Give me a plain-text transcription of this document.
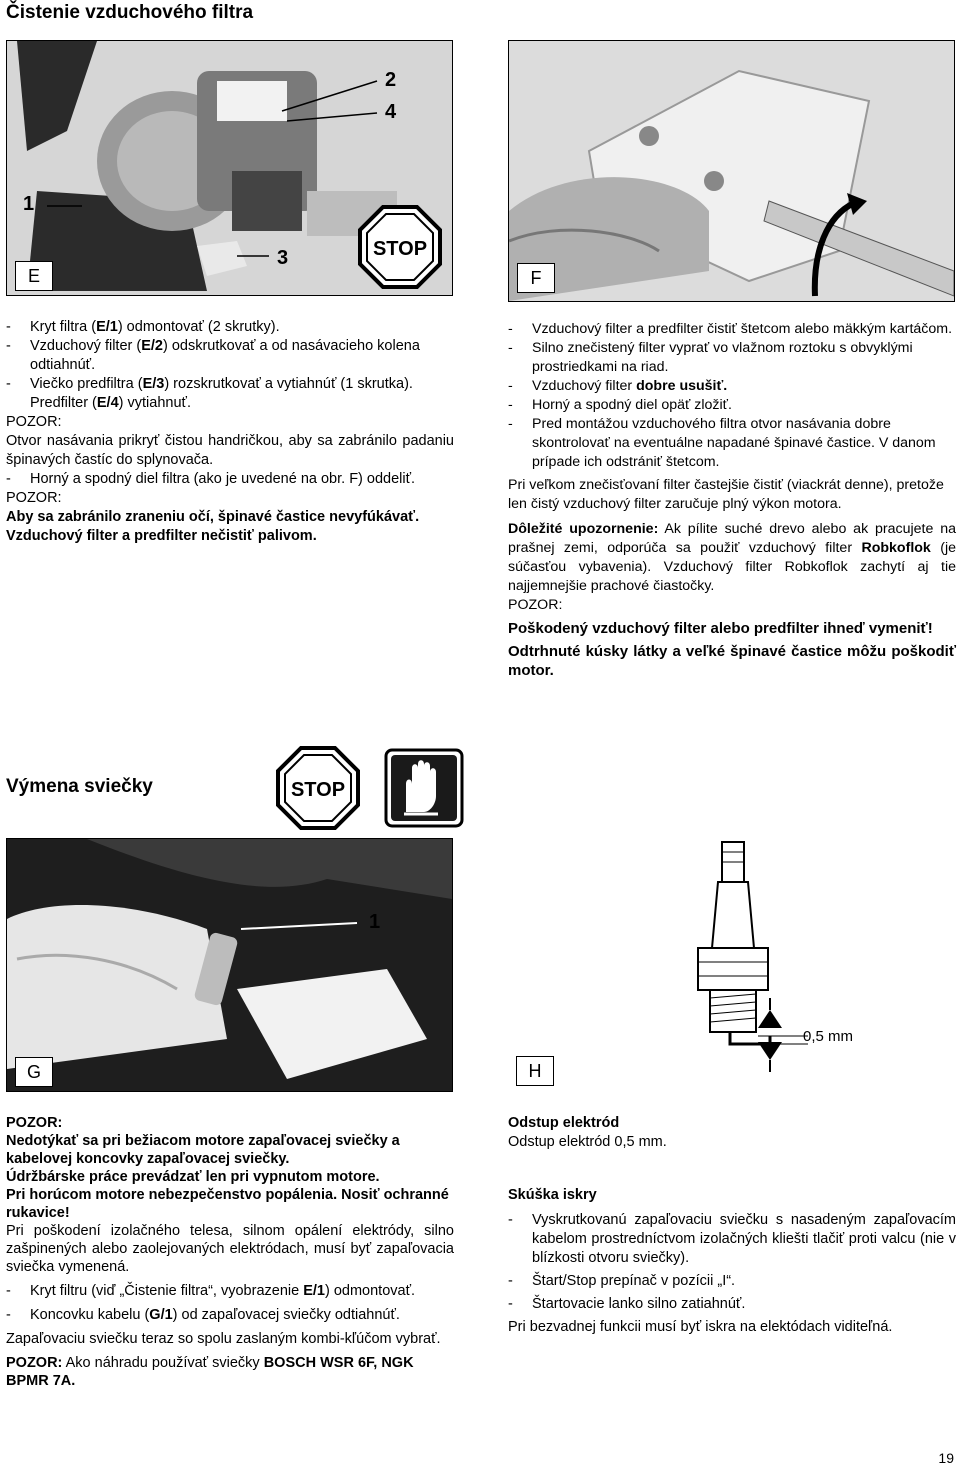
Čistenie vzduchového filtra
2
4
1
3
E
STOP
F

- Kryt filtra (E/1) odmontovať (2 skrutky).

- Vzduchový filter (E/2) odskrutkovať a od nasávacieho kolena odtiahnúť.

- Viečko predfiltra (E/3) rozskrutkovať a vytiahnúť (1 skrutka).

Predfilter (E/4) vytiahnuť.

POZOR:

Otvor nasávania prikryť čistou handričkou, aby sa zabránilo padaniu špinavých častíc do splynovača.

- Horný a spodný diel filtra (ako je uvedené na obr. F) oddeliť.

POZOR:

Aby sa zabránilo zraneniu očí, špinavé častice nevyfúkávať.

Vzduchový filter a predfilter nečistiť palivom.

- Vzduchový filter a predfilter čistiť štetcom alebo mäkkým kartáčom.

- Silno znečistený filter vyprať vo vlažnom roztoku s obvyklými prostriedkami na riad.

- Vzduchový filter dobre usušiť.

- Horný a spodný diel opäť zložiť.

- Pred montážou vzduchového filtra otvor nasávania dobre skontrolovať na eventuálne napadané špinavé častice. V danom prípade ich odstrániť štetcom.

Pri veľkom znečisťovaní filter častejšie čistiť (viackrát denne), pretože len čistý vzduchový filter zaručuje plný výkon motora.

Dôležité upozornenie: Ak pílite suché drevo alebo ak pracujete na prašnej zemi, odporúča sa použiť vzduchový filter Robkoflok (je súčasťou vybavenia). Vzduchový filter Robkoflok zachytí aj tie najjemnejšie prachové čiastočky.

POZOR:

Poškodený vzduchový filter alebo predfilter ihneď vymeniť!

Odtrhnuté kúsky látky a veľké špinavé častice môžu poškodiť motor.

Výmena sviečky	STOP
1
G
0,5 mm
H

POZOR:

Nedotýkať sa pri bežiacom motore zapaľovacej sviečky a kabelovej koncovky zapaľovacej sviečky.

Údržbárske práce prevádzať len pri vypnutom motore.

Pri horúcom motore nebezpečenstvo popálenia. Nosiť ochranné rukavice!

Pri poškodení izolačného telesa, silnom opálení elektródy, silno zašpinených alebo zaolejovaných elektródach, musí byť zapaľovacia sviečka vymenená.

- Kryt filtru (viď „Čistenie filtra“, vyobrazenie E/1) odmontovať.

- Koncovku kabelu (G/1) od zapaľovacej sviečky odtiahnúť.

Zapaľovaciu sviečku teraz so spolu zaslaným kombi-kľúčom vybrať.

POZOR: Ako náhradu používať sviečky BOSCH WSR 6F, NGK BPMR 7A.

Odstup elektród

Odstup elektród 0,5 mm.

Skúška iskry

- Vyskrutkovanú zapaľovaciu sviečku s nasadeným zapaľovacím kabelom prostredníctvom izolačných kliešti tlačiť proti valcu (nie v blízkosti otvoru sviečky).

- Štart/Stop prepínač v pozícii „I“.

- Štartovacie lanko silno zatiahnúť.

Pri bezvadnej funkcii musí byť iskra na elektódach viditeľná.

19
